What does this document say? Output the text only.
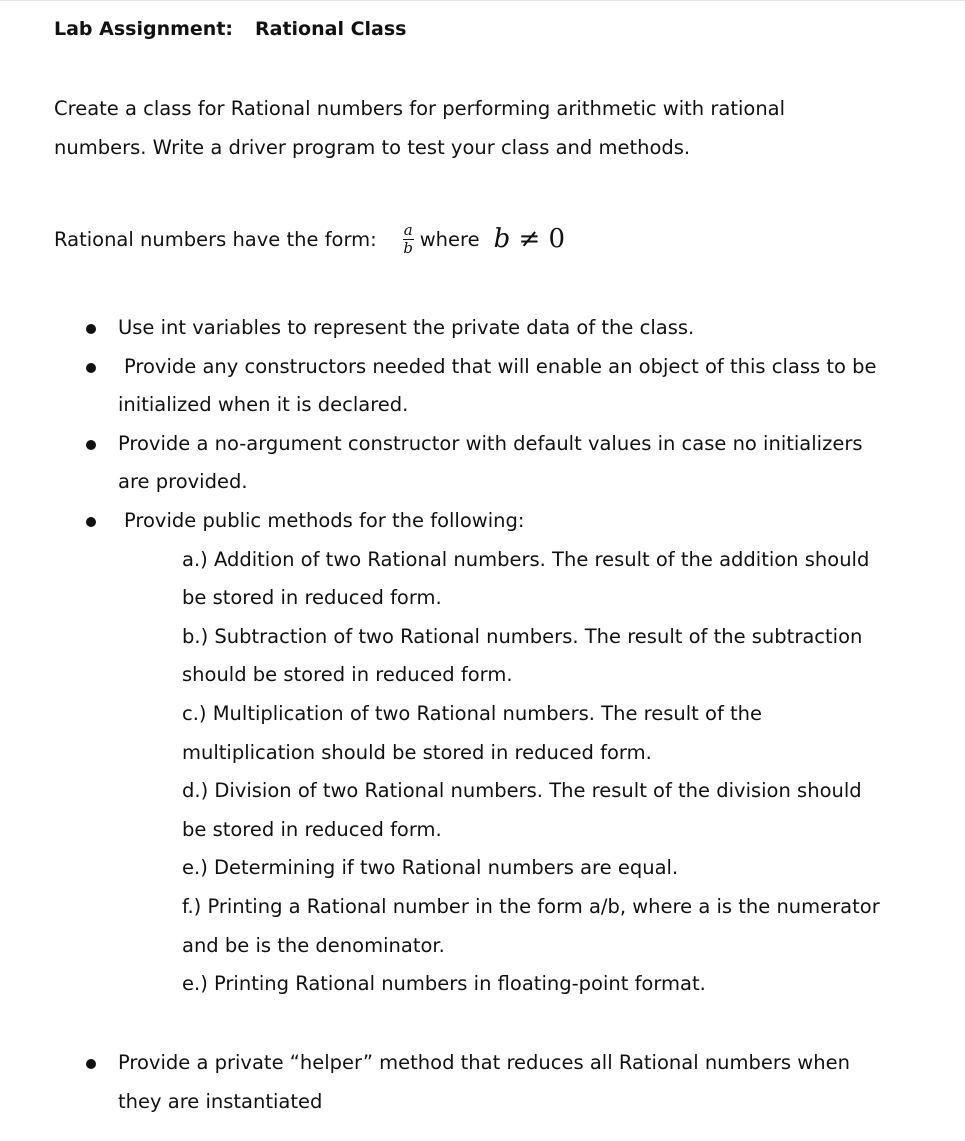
Lab Assignment: Rational Class
Create a class for Rational numbers for performing arithmetic with rational numbers. Write a driver program to test your class and methods.
Rational numbers have the form: $\frac{a}{b}$ where b ≠ 0
Use int variables to represent the private data of the class.
Provide any constructors needed that will enable an object of this class to be initialized when it is declared.
Provide a no-argument constructor with default values in case no initializers are provided.
Provide public methods for the following:
a.) Addition of two Rational numbers. The result of the addition should be stored in reduced form.
b.) Subtraction of two Rational numbers. The result of the subtraction should be stored in reduced form.
c.) Multiplication of two Rational numbers. The result of the multiplication should be stored in reduced form.
d.) Division of two Rational numbers. The result of the division should be stored in reduced form.
e.) Determining if two Rational numbers are equal.
f.) Printing a Rational number in the form a/b, where a is the numerator and be is the denominator.
e.) Printing Rational numbers in floating-point format.
Provide a private “helper” method that reduces all Rational numbers when they are instantiated
